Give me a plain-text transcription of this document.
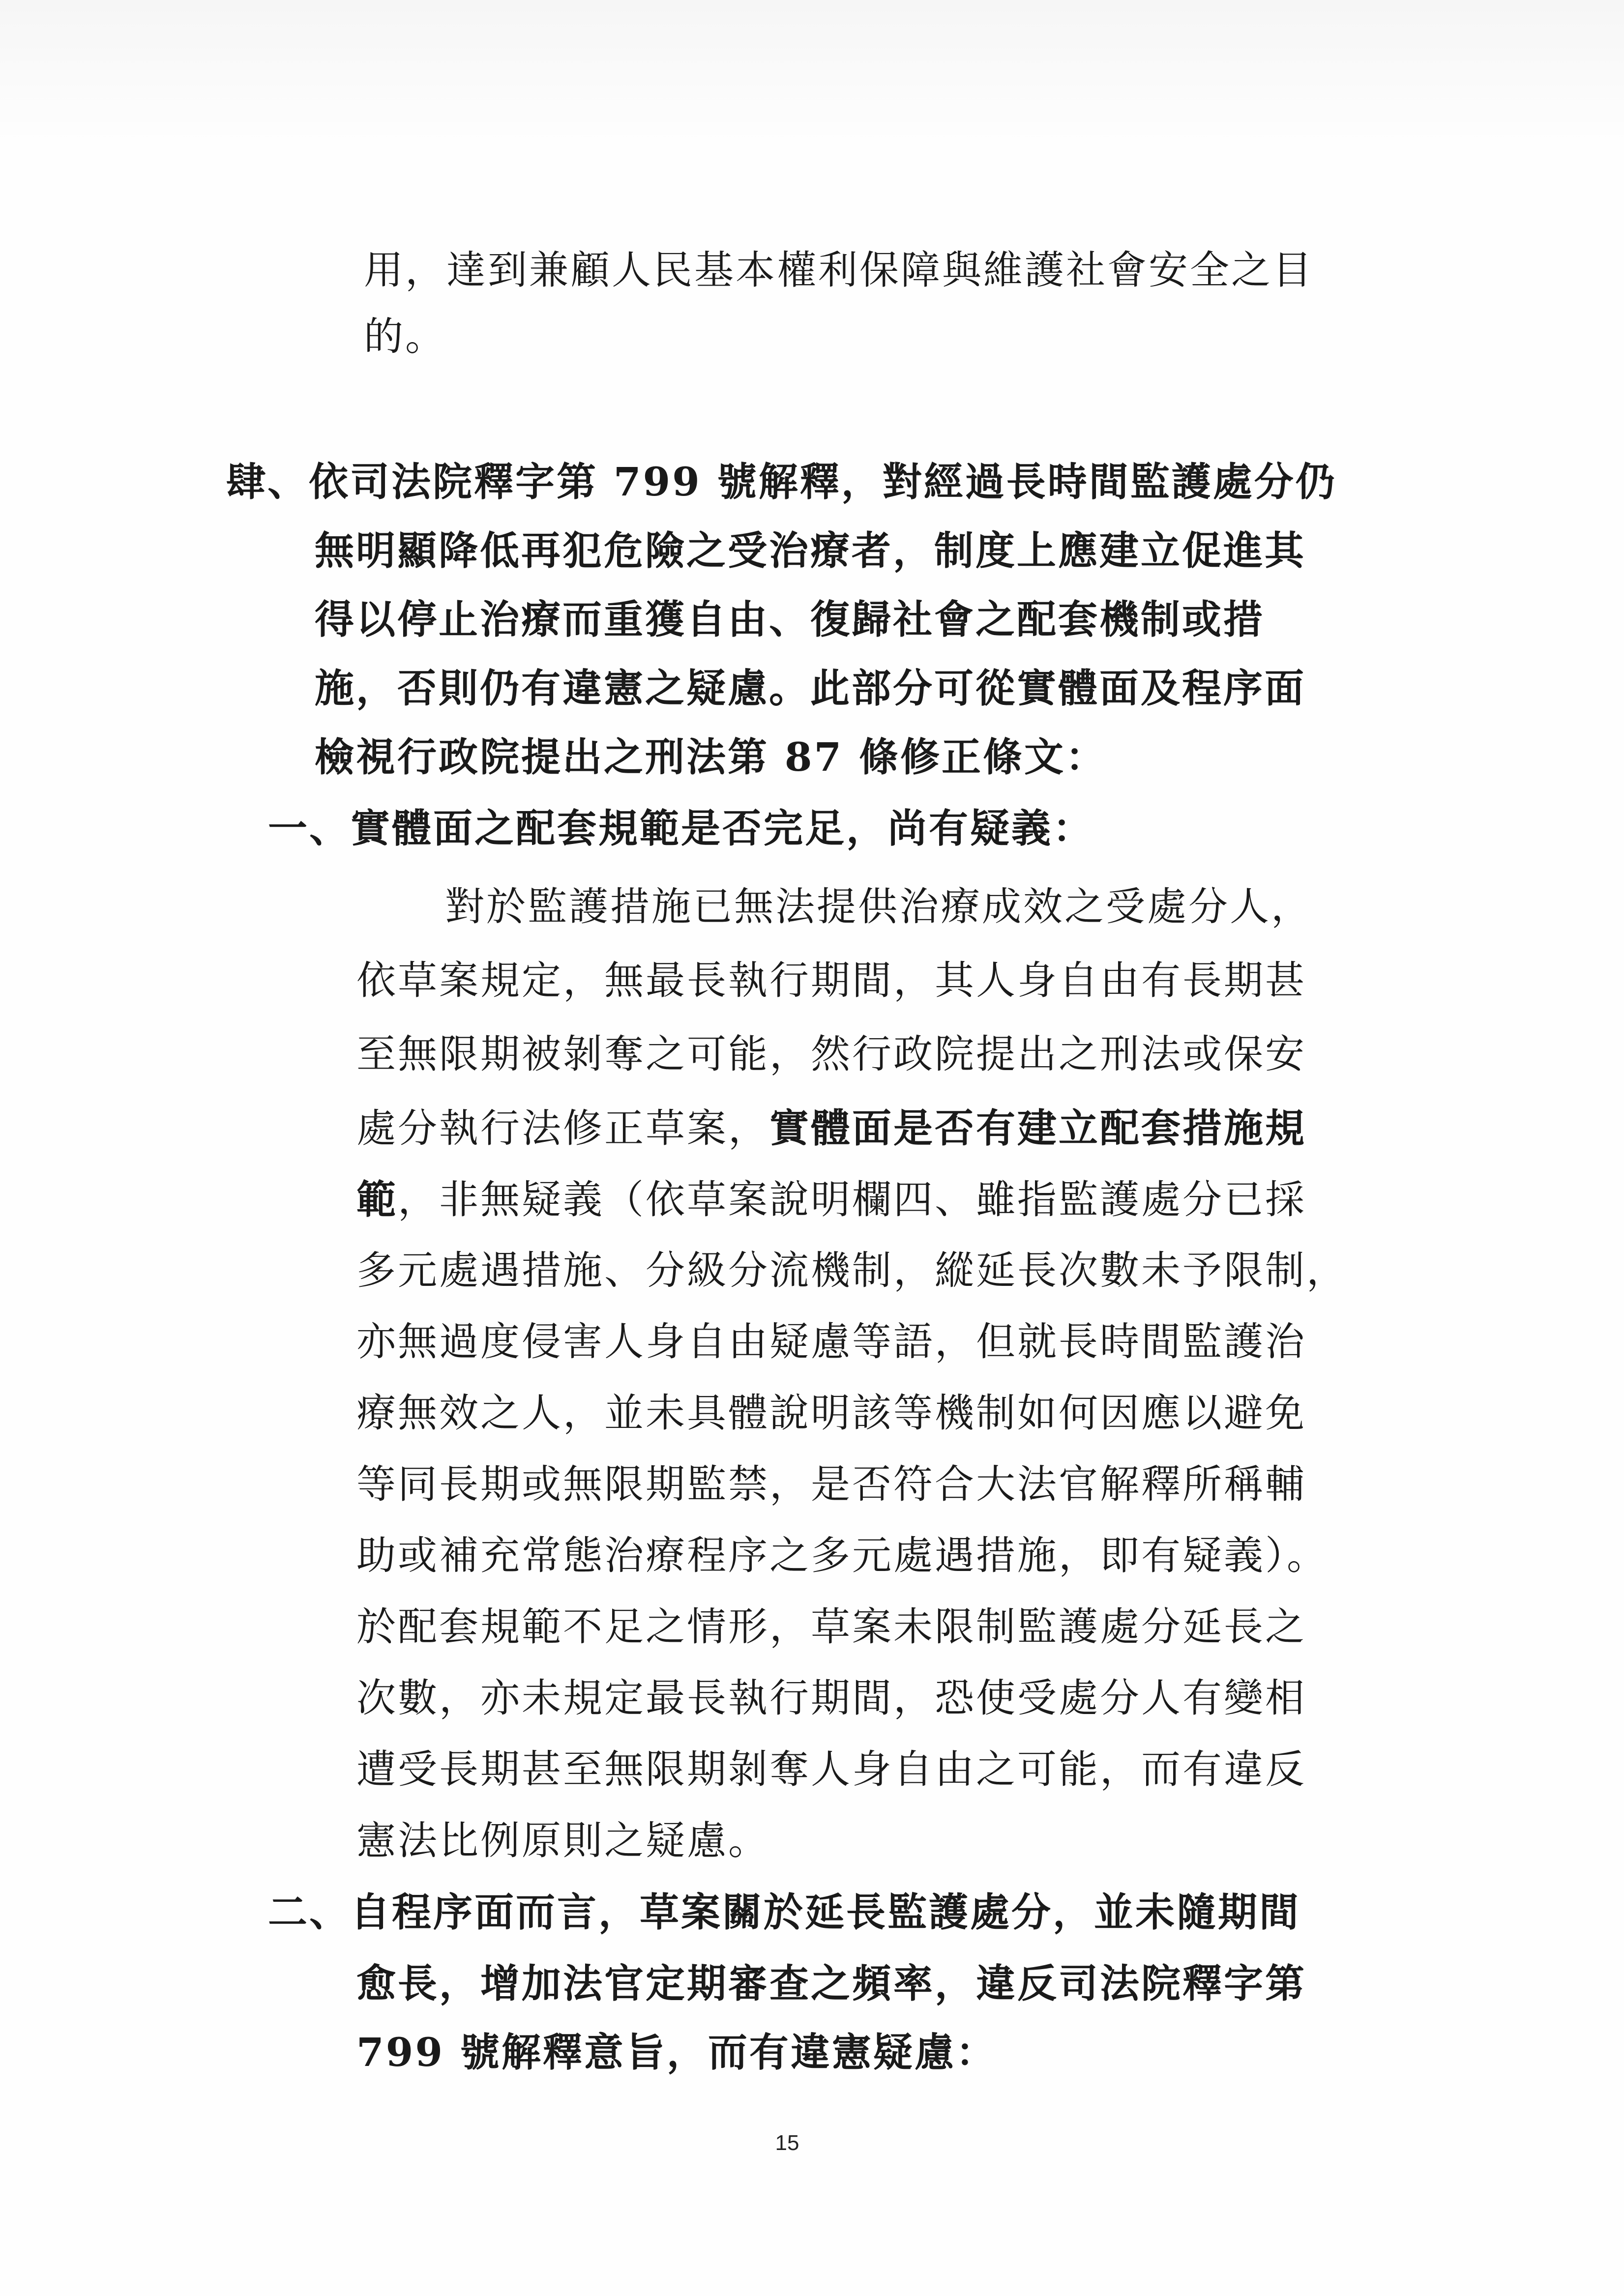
用，達到兼顧人民基本權利保障與維護社會安全之目
的。
肆、依司法院釋字第 799 號解釋，對經過長時間監護處分仍
無明顯降低再犯危險之受治療者，制度上應建立促進其
得以停止治療而重獲自由、復歸社會之配套機制或措
施，否則仍有違憲之疑慮。此部分可從實體面及程序面
檢視行政院提出之刑法第 87 條修正條文：
一、實體面之配套規範是否完足，尚有疑義：
對於監護措施已無法提供治療成效之受處分人，
依草案規定，無最長執行期間，其人身自由有長期甚
至無限期被剝奪之可能，然行政院提出之刑法或保安
處分執行法修正草案，實體面是否有建立配套措施規
範，非無疑義（依草案說明欄四、雖指監護處分已採
多元處遇措施、分級分流機制，縱延長次數未予限制，
亦無過度侵害人身自由疑慮等語，但就長時間監護治
療無效之人，並未具體說明該等機制如何因應以避免
等同長期或無限期監禁，是否符合大法官解釋所稱輔
助或補充常態治療程序之多元處遇措施，即有疑義）。
於配套規範不足之情形，草案未限制監護處分延長之
次數，亦未規定最長執行期間，恐使受處分人有變相
遭受長期甚至無限期剝奪人身自由之可能，而有違反
憲法比例原則之疑慮。
二、自程序面而言，草案關於延長監護處分，並未隨期間
愈長，增加法官定期審查之頻率，違反司法院釋字第
799 號解釋意旨，而有違憲疑慮：
15
